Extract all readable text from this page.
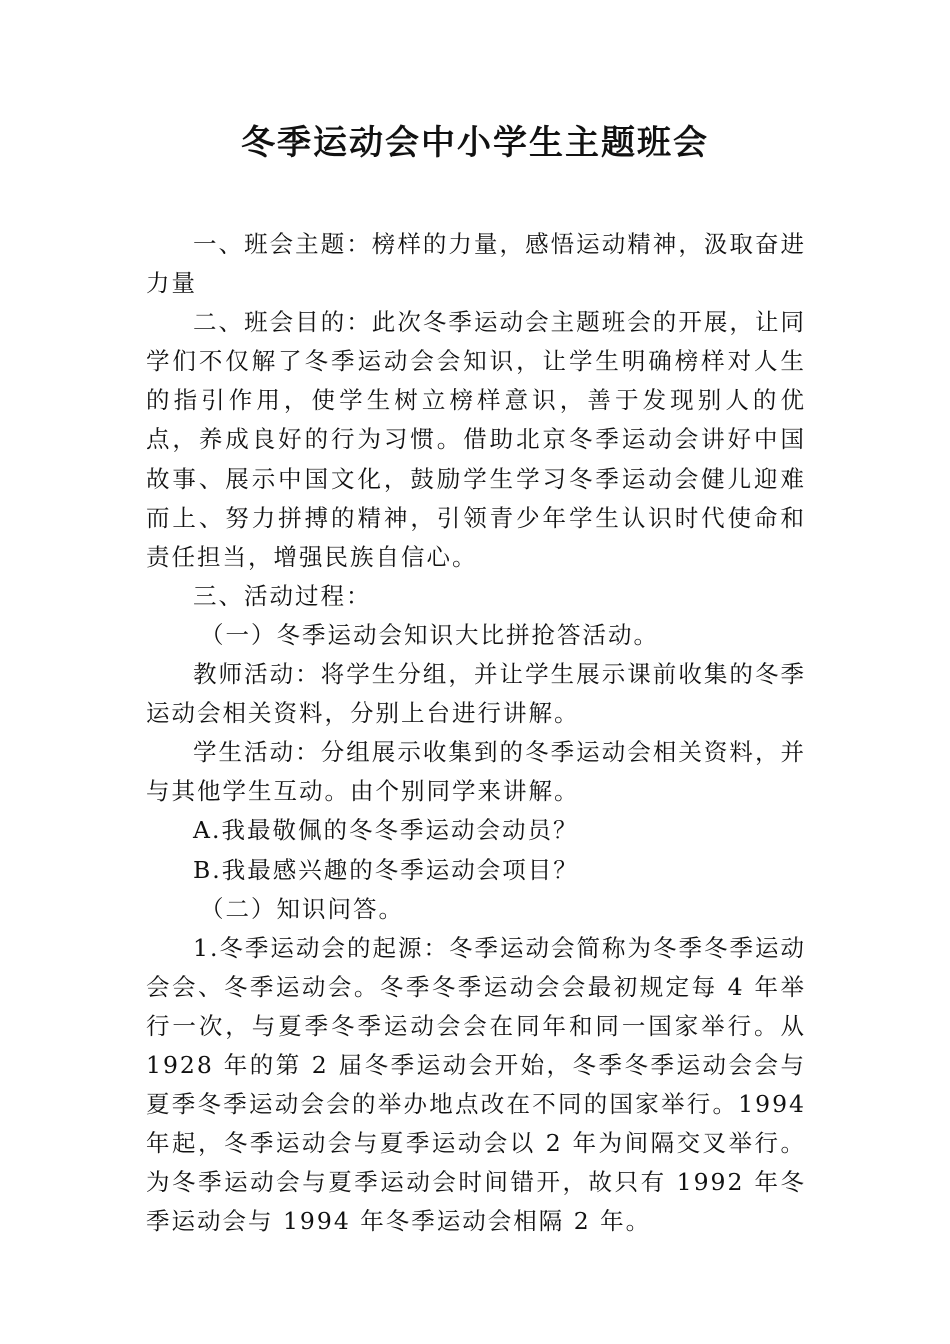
冬季运动会中小学生主题班会

一、班会主题：榜样的力量，感悟运动精神，汲取奋进力量

二、班会目的：此次冬季运动会主题班会的开展，让同学们不仅解了冬季运动会会知识，让学生明确榜样对人生的指引作用，使学生树立榜样意识，善于发现别人的优点，养成良好的行为习惯。借助北京冬季运动会讲好中国故事、展示中国文化，鼓励学生学习冬季运动会健儿迎难而上、努力拼搏的精神，引领青少年学生认识时代使命和责任担当，增强民族自信心。

三、活动过程：

（一）冬季运动会知识大比拼抢答活动。

教师活动：将学生分组，并让学生展示课前收集的冬季运动会相关资料，分别上台进行讲解。

学生活动：分组展示收集到的冬季运动会相关资料，并与其他学生互动。由个别同学来讲解。

A.我最敬佩的冬冬季运动会动员？

B.我最感兴趣的冬季运动会项目？

（二）知识问答。

1.冬季运动会的起源：冬季运动会简称为冬季冬季运动会会、冬季运动会。冬季冬季运动会会最初规定每 4 年举行一次，与夏季冬季运动会会在同年和同一国家举行。从 1928 年的第 2 届冬季运动会开始，冬季冬季运动会会与夏季冬季运动会会的举办地点改在不同的国家举行。1994 年起，冬季运动会与夏季运动会以 2 年为间隔交叉举行。为冬季运动会与夏季运动会时间错开，故只有 1992 年冬季运动会与 1994 年冬季运动会相隔 2 年。
